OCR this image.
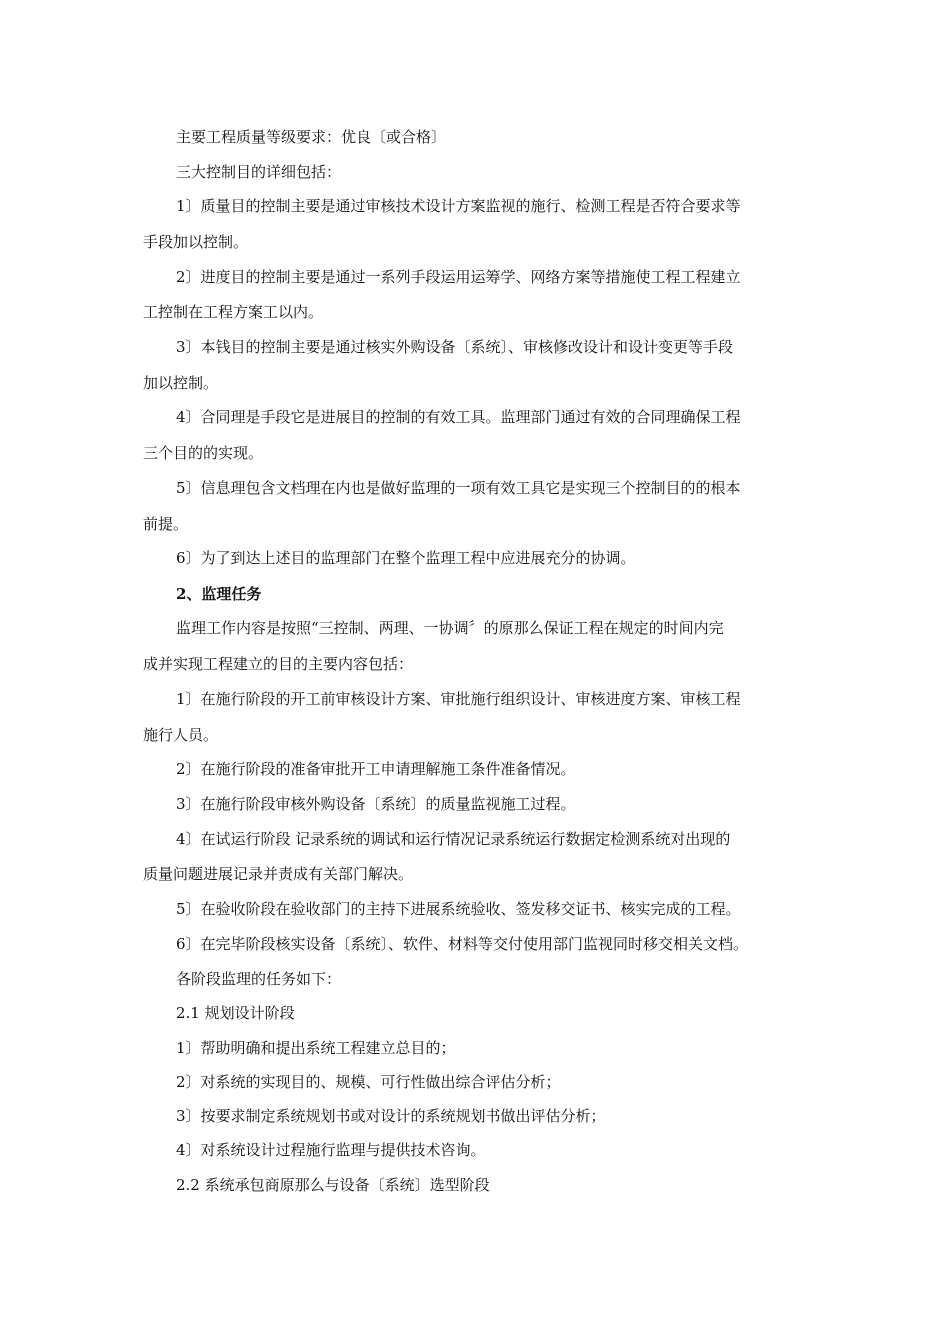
主要工程质量等级要求：优良〔或合格〕
三大控制目的详细包括：
1〕质量目的控制主要是通过审核技术设计方案监视的施行、检测工程是否符合要求等
手段加以控制。
2〕进度目的控制主要是通过一系列手段运用运筹学、网络方案等措施使工程工程建立
工控制在工程方案工以内。
3〕本钱目的控制主要是通过核实外购设备〔系统〕、审核修改设计和设计变更等手段
加以控制。
4〕合同理是手段它是进展目的控制的有效工具。监理部门通过有效的合同理确保工程
三个目的的实现。
5〕信息理包含文档理在内也是做好监理的一项有效工具它是实现三个控制目的的根本
前提。
6〕为了到达上述目的监理部门在整个监理工程中应进展充分的协调。
2、监理任务
监理工作内容是按照“三控制、两理、一协调〞的原那么保证工程在规定的时间内完
成并实现工程建立的目的主要内容包括：
1〕在施行阶段的开工前审核设计方案、审批施行组织设计、审核进度方案、审核工程
施行人员。
2〕在施行阶段的准备审批开工申请理解施工条件准备情况。
3〕在施行阶段审核外购设备〔系统〕的质量监视施工过程。
4〕在试运行阶段 记录系统的调试和运行情况记录系统运行数据定检测系统对出现的
质量问题进展记录并责成有关部门解决。
5〕在验收阶段在验收部门的主持下进展系统验收、签发移交证书、核实完成的工程。
6〕在完毕阶段核实设备〔系统〕、软件、材料等交付使用部门监视同时移交相关文档。
各阶段监理的任务如下：
2.1 规划设计阶段
1〕帮助明确和提出系统工程建立总目的；
2〕对系统的实现目的、规模、可行性做出综合评估分析；
3〕按要求制定系统规划书或对设计的系统规划书做出评估分析；
4〕对系统设计过程施行监理与提供技术咨询。
2.2 系统承包商原那么与设备〔系统〕选型阶段
